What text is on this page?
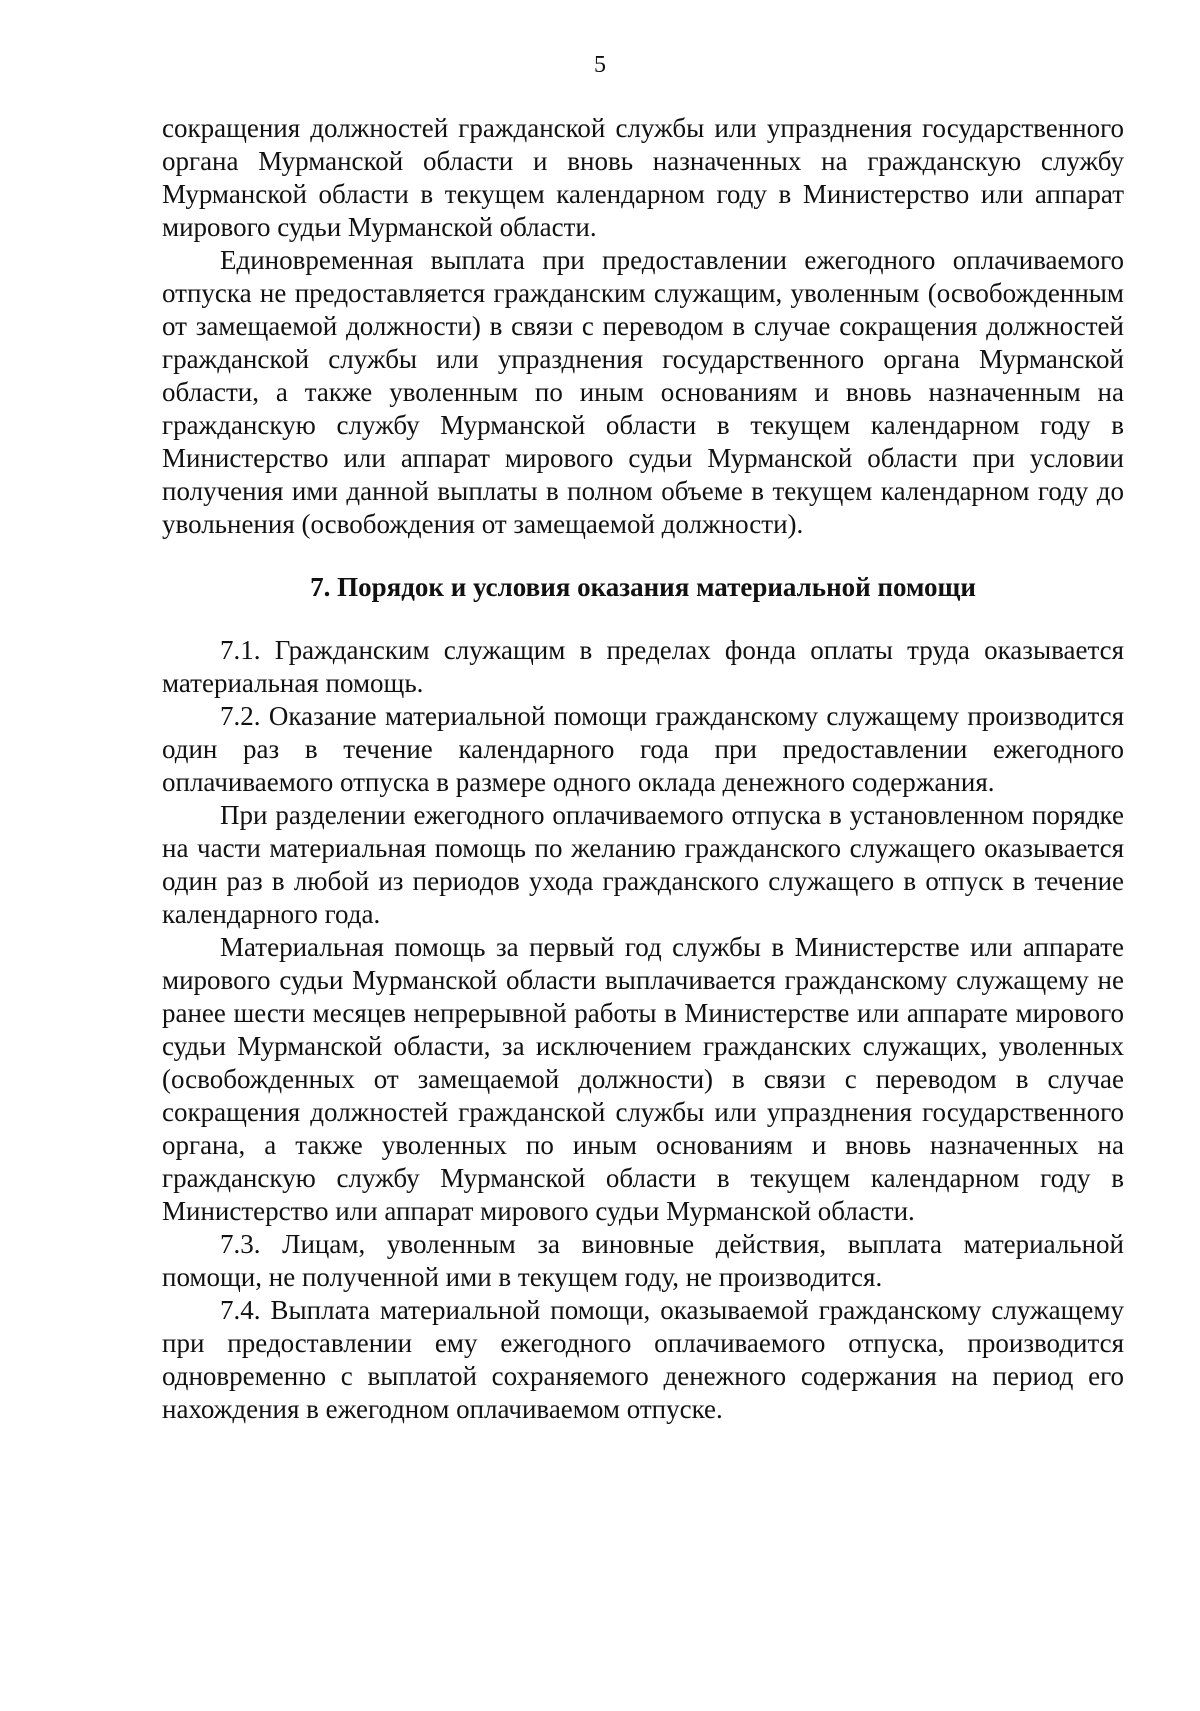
5

сокращения должностей гражданской службы или упразднения государственного органа Мурманской области и вновь назначенных на гражданскую службу Мурманской области в текущем календарном году в Министерство или аппарат мирового судьи Мурманской области.

Единовременная выплата при предоставлении ежегодного оплачиваемого отпуска не предоставляется гражданским служащим, уволенным (освобожденным от замещаемой должности) в связи с переводом в случае сокращения должностей гражданской службы или упразднения государственного органа Мурманской области, а также уволенным по иным основаниям и вновь назначенным на гражданскую службу Мурманской области в текущем календарном году в Министерство или аппарат мирового судьи Мурманской области при условии получения ими данной выплаты в полном объеме в текущем календарном году до увольнения (освобождения от замещаемой должности).

7. Порядок и условия оказания материальной помощи

7.1. Гражданским служащим в пределах фонда оплаты труда оказывается материальная помощь.

7.2. Оказание материальной помощи гражданскому служащему производится один раз в течение календарного года при предоставлении ежегодного оплачиваемого отпуска в размере одного оклада денежного содержания.

При разделении ежегодного оплачиваемого отпуска в установленном порядке на части материальная помощь по желанию гражданского служащего оказывается один раз в любой из периодов ухода гражданского служащего в отпуск в течение календарного года.

Материальная помощь за первый год службы в Министерстве или аппарате мирового судьи Мурманской области выплачивается гражданскому служащему не ранее шести месяцев непрерывной работы в Министерстве или аппарате мирового судьи Мурманской области, за исключением гражданских служащих, уволенных (освобожденных от замещаемой должности) в связи с переводом в случае сокращения должностей гражданской службы или упразднения государственного органа, а также уволенных по иным основаниям и вновь назначенных на гражданскую службу Мурманской области в текущем календарном году в Министерство или аппарат мирового судьи Мурманской области.

7.3. Лицам, уволенным за виновные действия, выплата материальной помощи, не полученной ими в текущем году, не производится.

7.4. Выплата материальной помощи, оказываемой гражданскому служащему при предоставлении ему ежегодного оплачиваемого отпуска, производится одновременно с выплатой сохраняемого денежного содержания на период его нахождения в ежегодном оплачиваемом отпуске.
